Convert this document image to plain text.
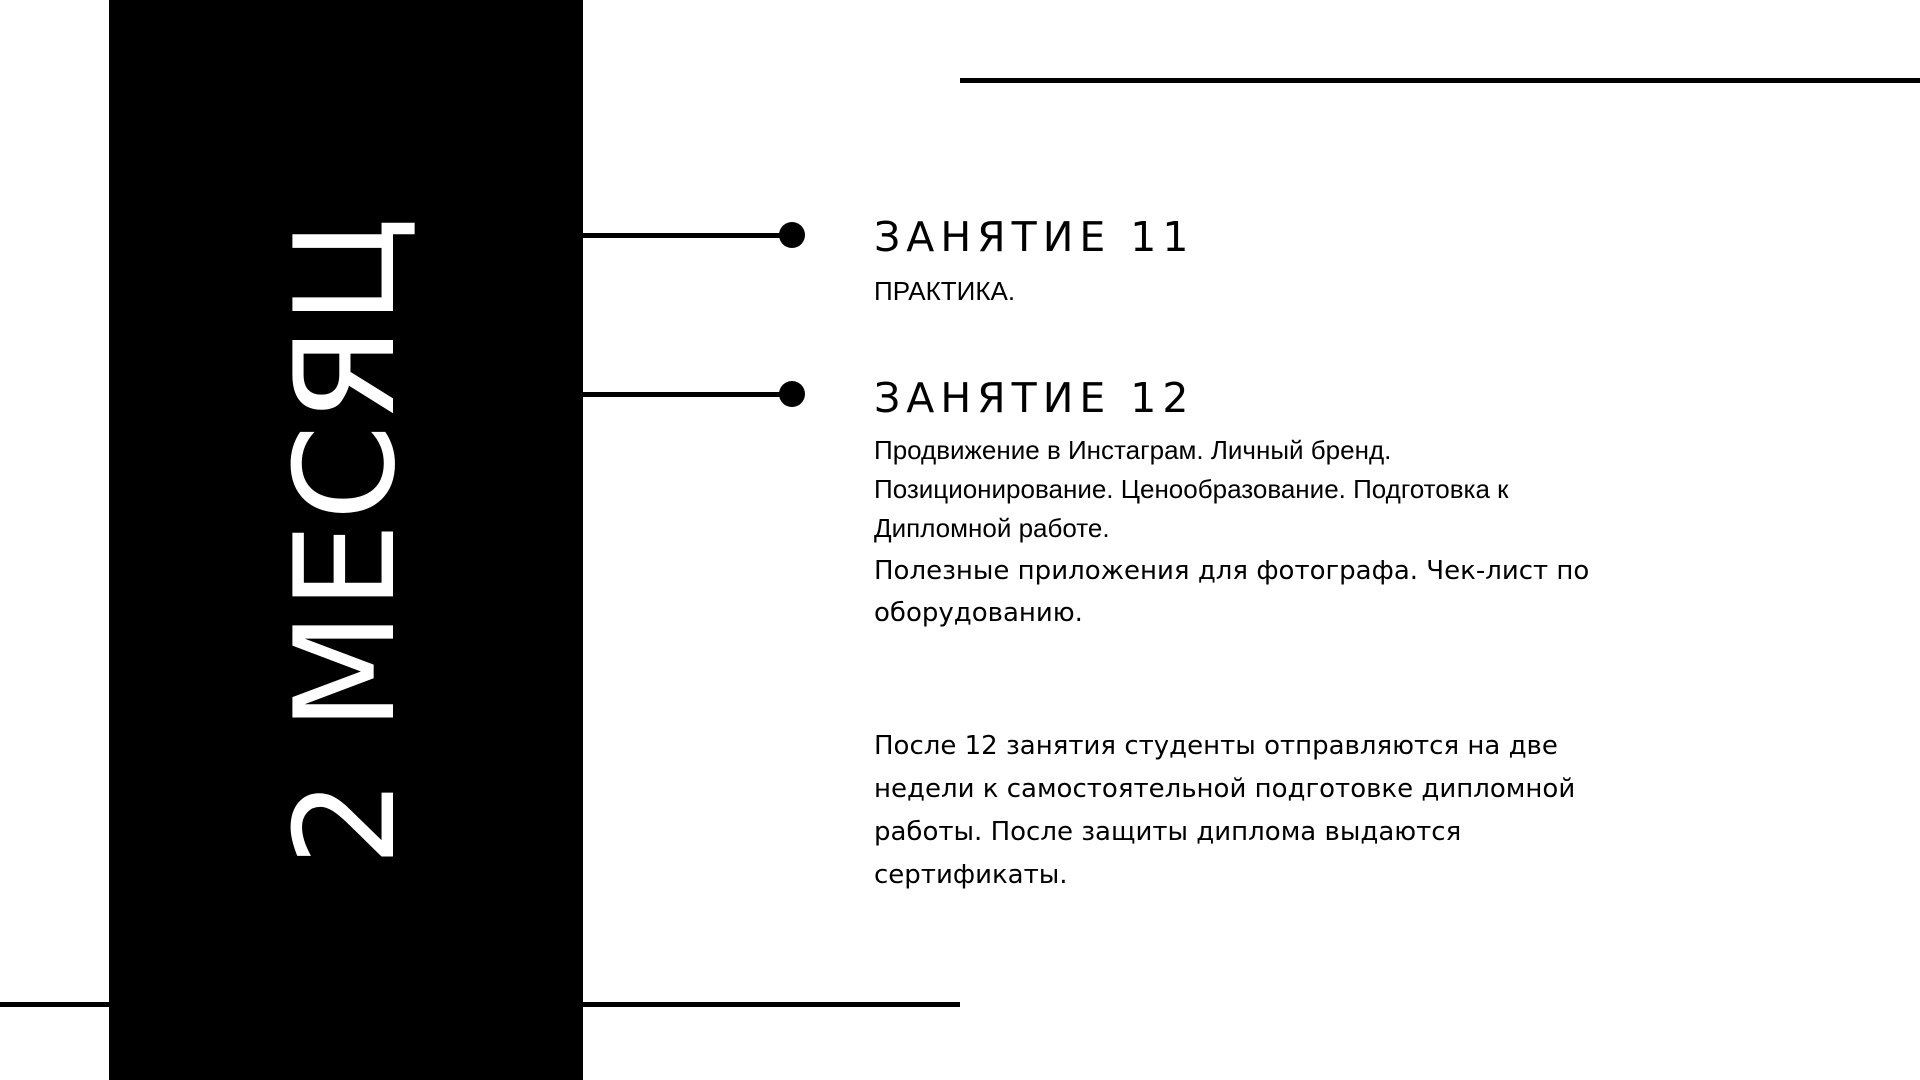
2 МЕСЯЦ	ЗАНЯТИЕ 11
ПРАКТИКА.
ЗАНЯТИЕ 12
Продвижение в Инстаграм. Личный бренд. Позиционирование. Ценообразование. Подготовка к Дипломной работе.
Полезные приложения для фотографа. Чек-лист по оборудованию.
После 12 занятия студенты отправляются на две недели к самостоятельной подготовке дипломной работы. После защиты диплома выдаются сертификаты.
